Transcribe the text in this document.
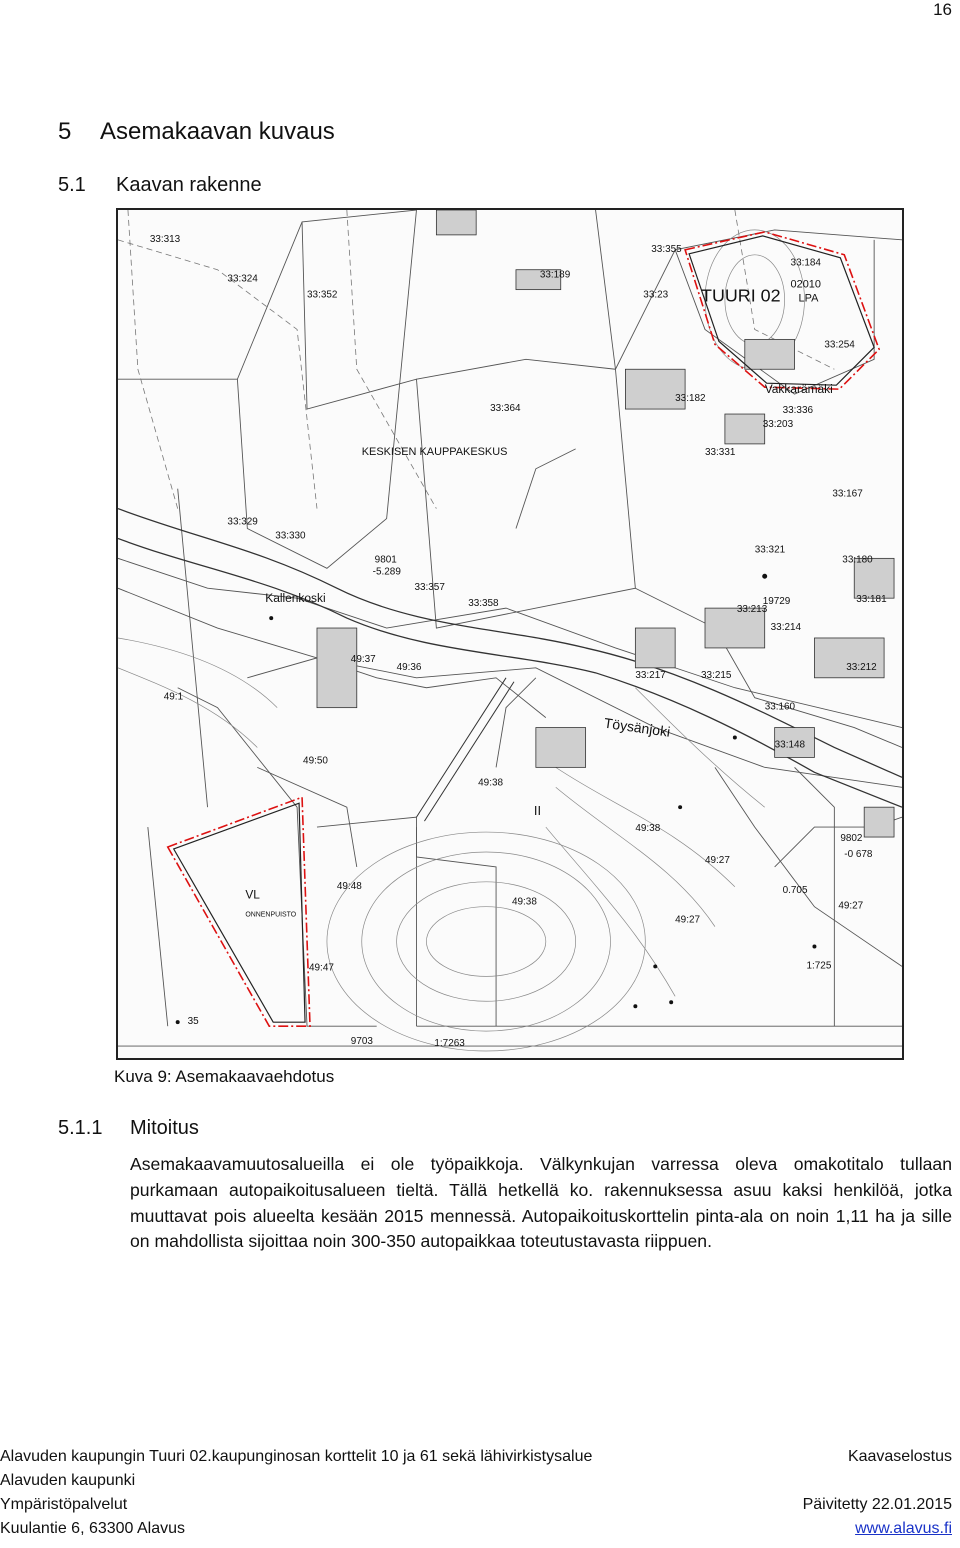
16
5 Asemakaavan kuvaus
5.1 Kaavan rakenne
TUURI 02
02010
LPA
Vakkarämäki
KESKISEN KAUPPAKESKUS
Kallenkoski
Töysänjoki
VL
ONNENPUISTO
II
33:313
33:324
33:352
33:189
33:355
33:23
33:184
33:254
33:364
33:182
33:336
33:203
33:331
33:167
33:329
33:330
33:357
33:358
33:321
33:180
33:213
33:181
33:214
33:217	33:215
33:212
33:160
33:148
49:37
49:36
49:1
49:50
49:38
49:48
49:47
49:27
49:38
49:27
49:27
49:38
1:725
1:7263
9801
-5.289
19729
9802
-0 678
0.705
9703
35
Kuva 9: Asemakaavaehdotus
5.1.1 Mitoitus

Asemakaavamuutosalueilla ei ole työpaikkoja. Välkynkujan varressa oleva omakotitalo tullaan purkamaan autopaikoitusalueen tieltä. Tällä hetkellä ko. rakennuksessa asuu kaksi henkilöä, jotka muuttavat pois alueelta kesään 2015 mennessä. Autopaikoituskorttelin pinta-ala on noin 1,11 ha ja sille on mahdollista sijoittaa noin 300-350 autopaikkaa toteutustavasta riippuen.

Alavuden kaupungin Tuuri 02.kaupunginosan korttelit 10 ja 61 sekä lähivirkistysalue	Kaavaselostus
Alavuden kaupunki
Ympäristöpalvelut	Päivitetty 22.01.2015
Kuulantie 6, 63300 Alavus	www.alavus.fi
